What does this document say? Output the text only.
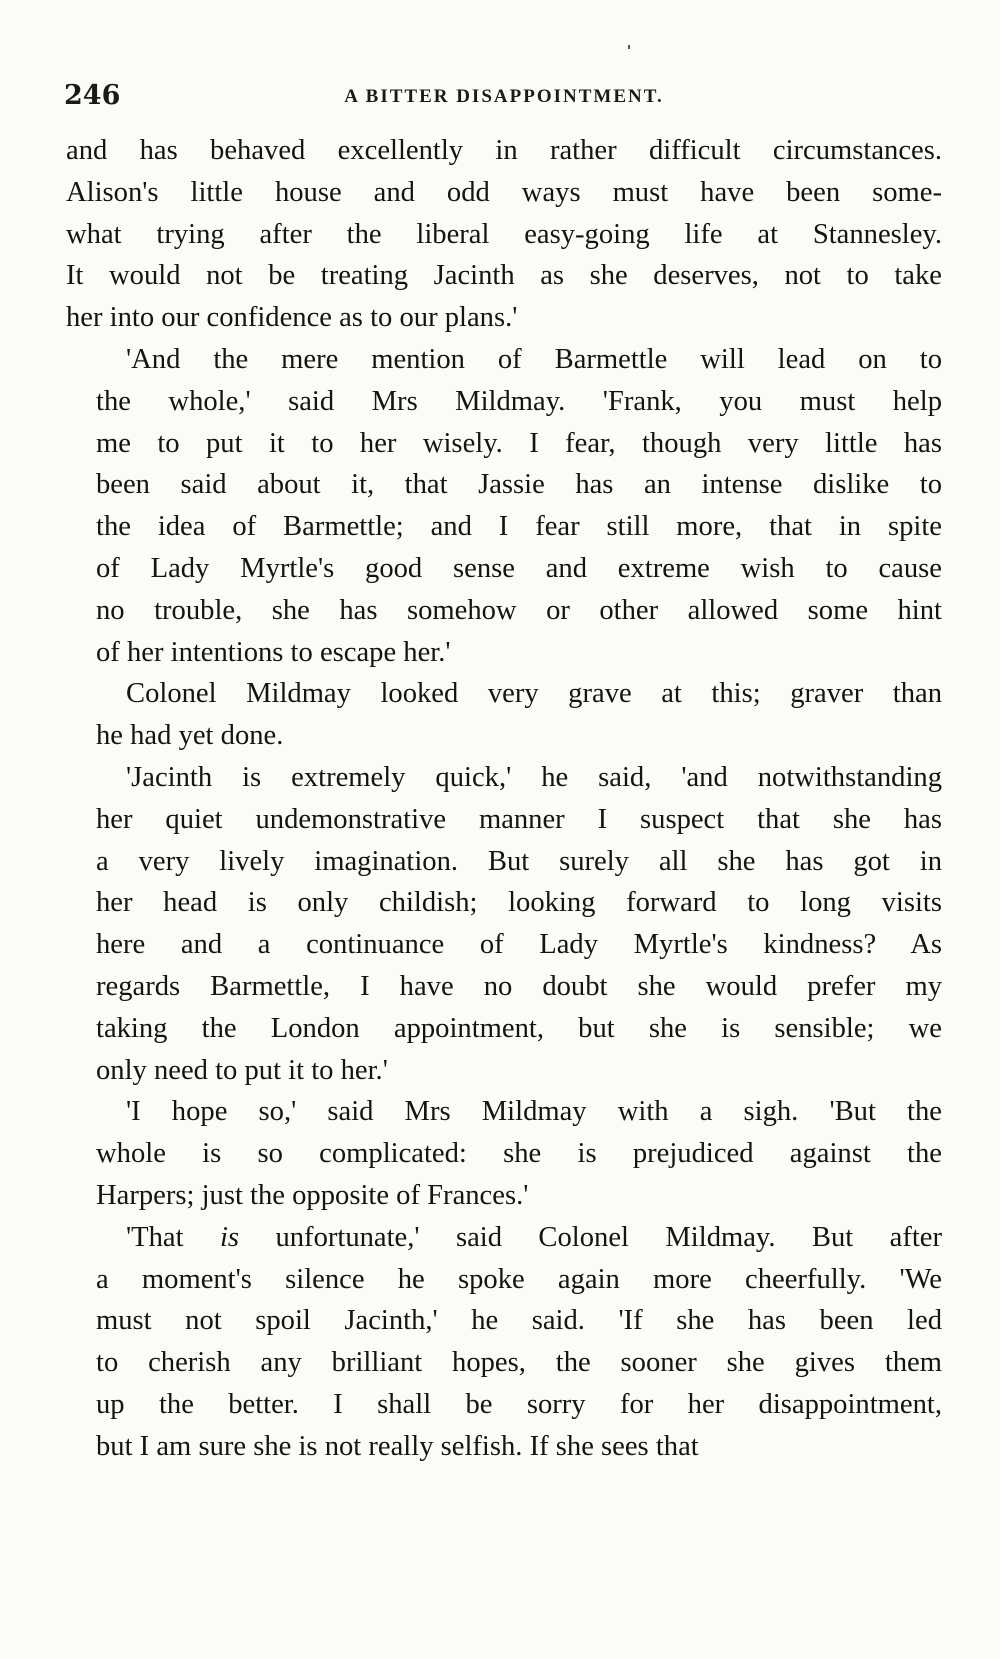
246	A BITTER DISAPPOINTMENT.
and has behaved excellently in rather difficult circumstances.
Alison's little house and odd ways must have been some-
what trying after the liberal easy-going life at Stannesley.
It would not be treating Jacinth as she deserves, not to take
her into our confidence as to our plans.'
'And the mere mention of Barmettle will lead on to
the whole,' said Mrs Mildmay. 'Frank, you must help
me to put it to her wisely. I fear, though very little has
been said about it, that Jassie has an intense dislike to
the idea of Barmettle; and I fear still more, that in spite
of Lady Myrtle's good sense and extreme wish to cause
no trouble, she has somehow or other allowed some hint
of her intentions to escape her.'
Colonel Mildmay looked very grave at this; graver than
he had yet done.
'Jacinth is extremely quick,' he said, 'and notwithstanding
her quiet undemonstrative manner I suspect that she has
a very lively imagination. But surely all she has got in
her head is only childish; looking forward to long visits
here and a continuance of Lady Myrtle's kindness? As
regards Barmettle, I have no doubt she would prefer my
taking the London appointment, but she is sensible; we
only need to put it to her.'
'I hope so,' said Mrs Mildmay with a sigh. 'But the
whole is so complicated: she is prejudiced against the
Harpers; just the opposite of Frances.'
'That is unfortunate,' said Colonel Mildmay. But after
a moment's silence he spoke again more cheerfully. 'We
must not spoil Jacinth,' he said. 'If she has been led
to cherish any brilliant hopes, the sooner she gives them
up the better. I shall be sorry for her disappointment,
but I am sure she is not really selfish. If she sees that
